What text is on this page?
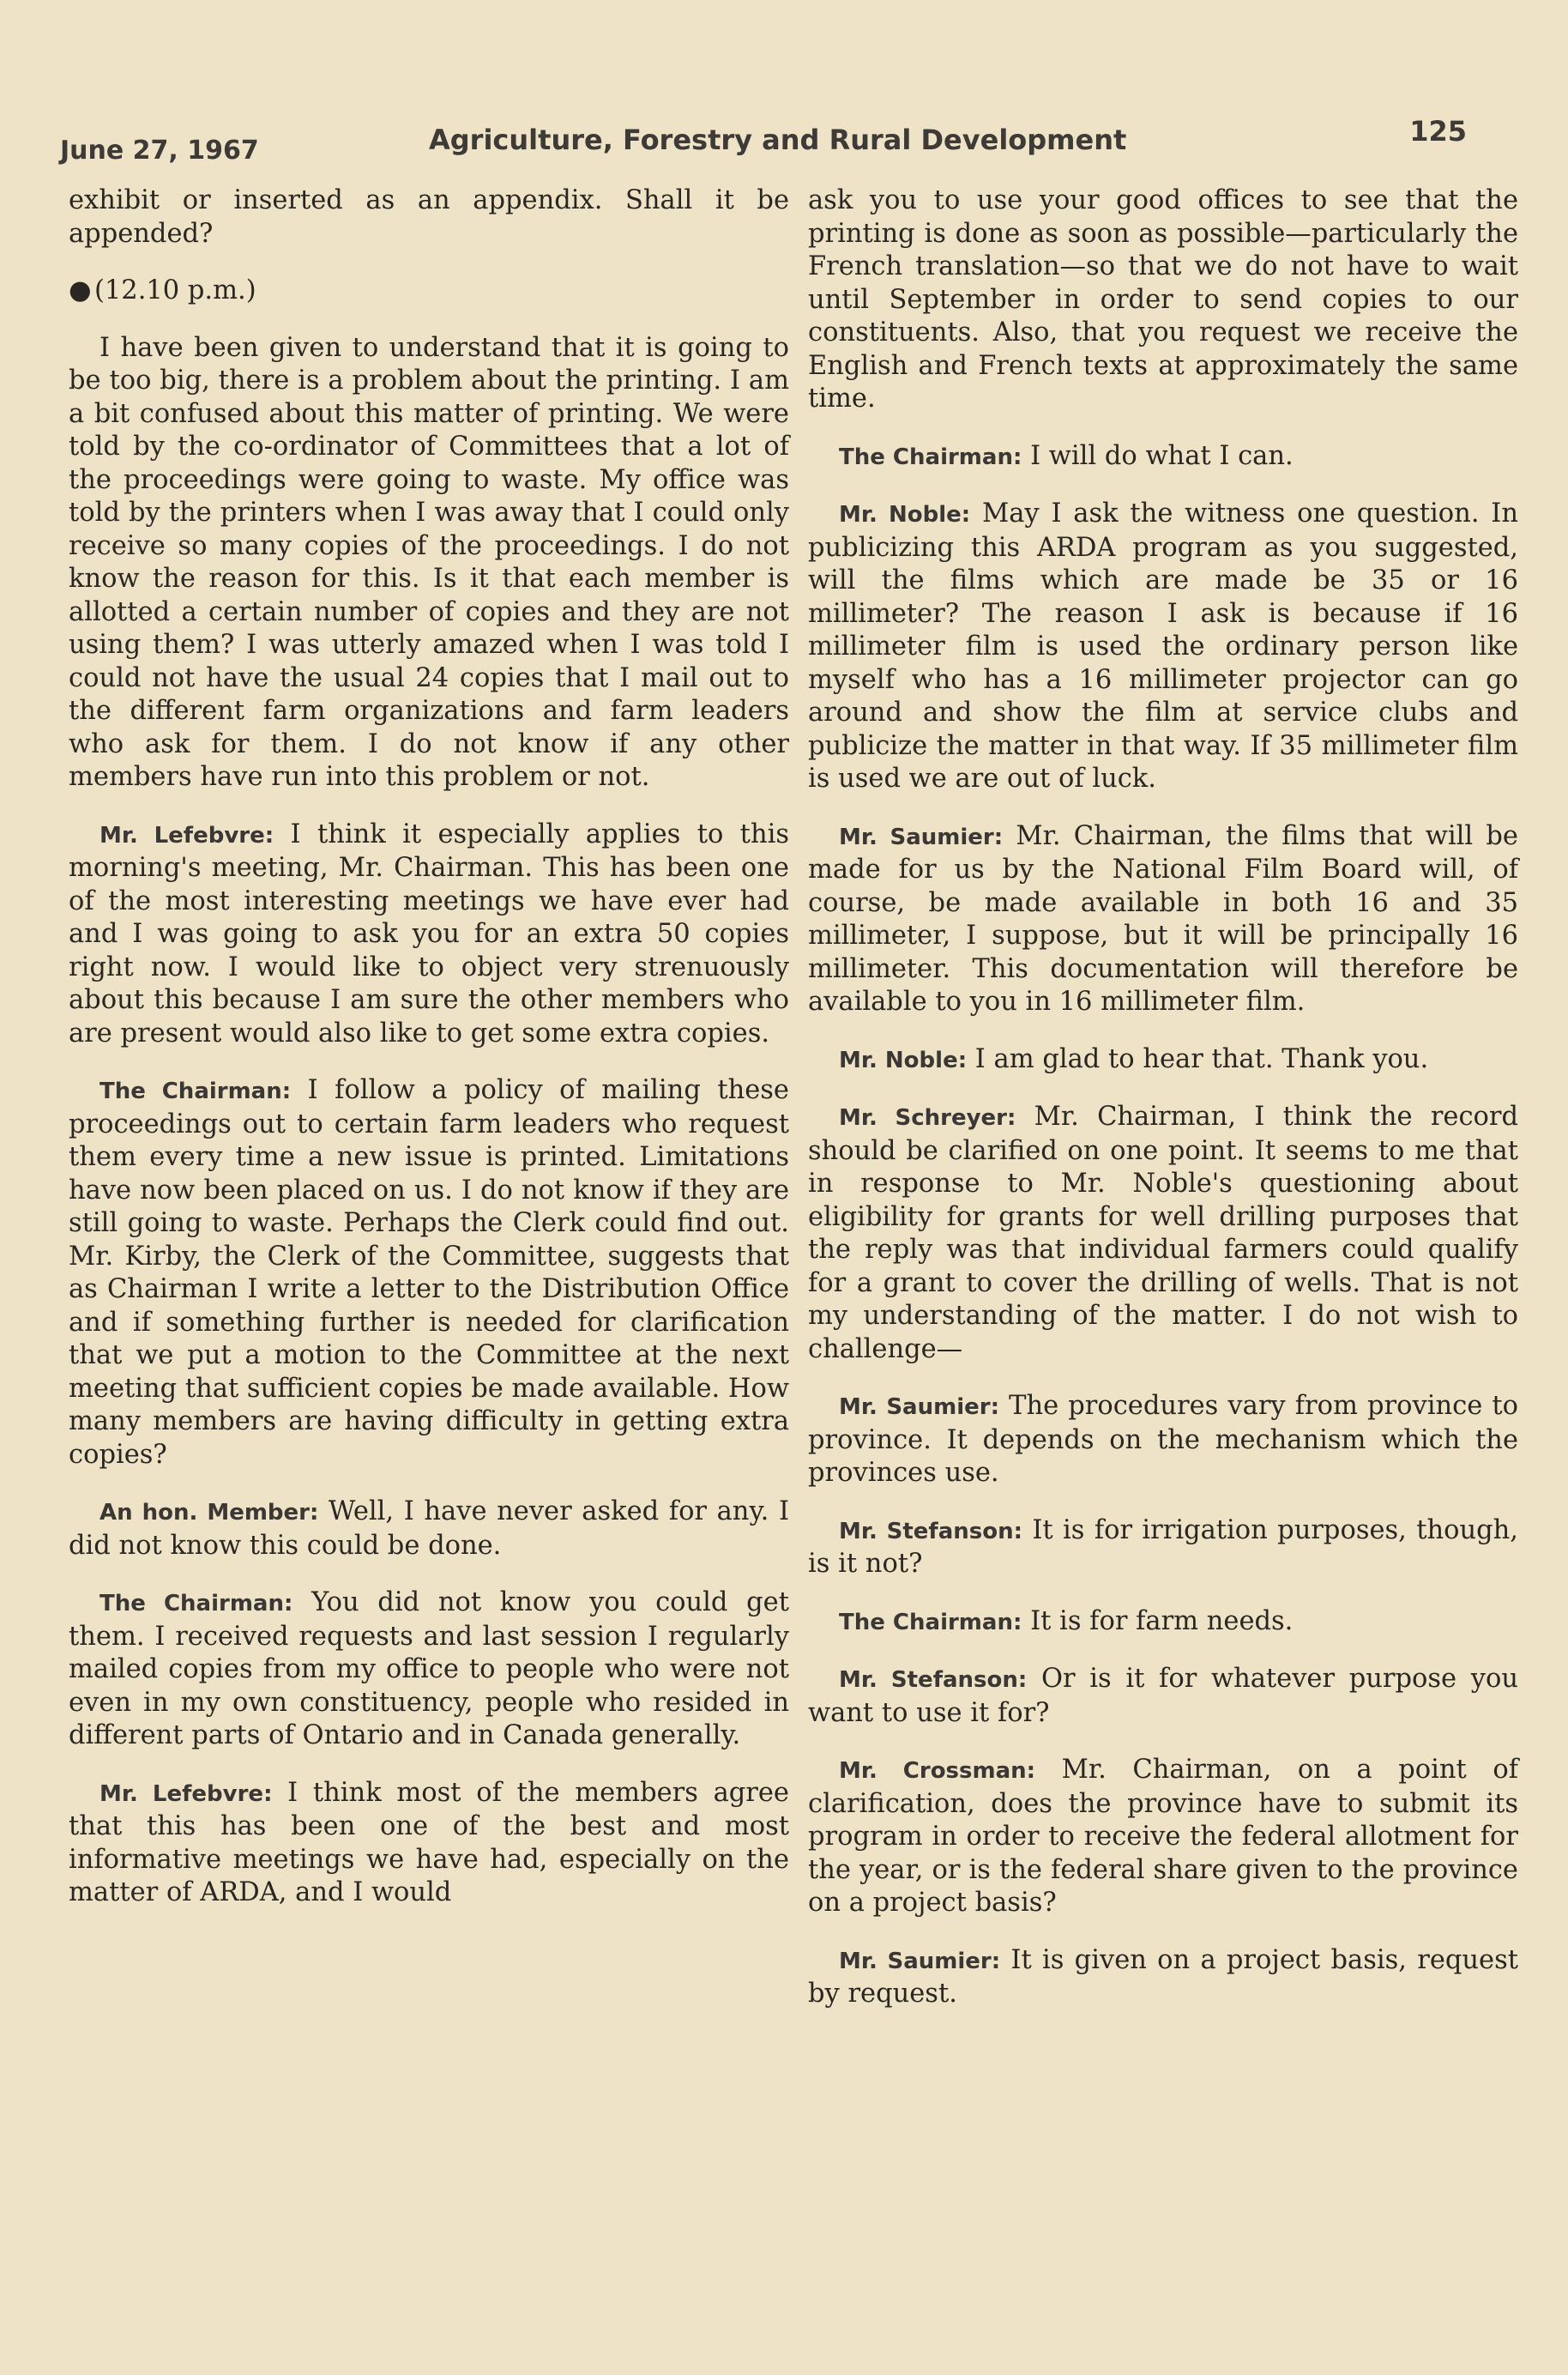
June 27, 1967	Agriculture, Forestry and Rural Development	125

exhibit or inserted as an appendix. Shall it be appended?

● (12.10 p.m.)

I have been given to understand that it is going to be too big, there is a problem about the printing. I am a bit confused about this matter of printing. We were told by the co-ordinator of Committees that a lot of the proceedings were going to waste. My office was told by the printers when I was away that I could only receive so many copies of the proceedings. I do not know the reason for this. Is it that each member is allotted a certain number of copies and they are not using them? I was utterly amazed when I was told I could not have the usual 24 copies that I mail out to the different farm organizations and farm leaders who ask for them. I do not know if any other members have run into this problem or not.

Mr. Lefebvre: I think it especially applies to this morning's meeting, Mr. Chairman. This has been one of the most interesting meetings we have ever had and I was going to ask you for an extra 50 copies right now. I would like to object very strenuously about this because I am sure the other members who are present would also like to get some extra copies.

The Chairman: I follow a policy of mailing these proceedings out to certain farm leaders who request them every time a new issue is printed. Limitations have now been placed on us. I do not know if they are still going to waste. Perhaps the Clerk could find out. Mr. Kirby, the Clerk of the Committee, suggests that as Chairman I write a letter to the Distribution Office and if something further is needed for clarification that we put a motion to the Committee at the next meeting that sufficient copies be made available. How many members are having difficulty in getting extra copies?

An hon. Member: Well, I have never asked for any. I did not know this could be done.

The Chairman: You did not know you could get them. I received requests and last session I regularly mailed copies from my office to people who were not even in my own constituency, people who resided in different parts of Ontario and in Canada generally.

Mr. Lefebvre: I think most of the members agree that this has been one of the best and most informative meetings we have had, especially on the matter of ARDA, and I would

ask you to use your good offices to see that the printing is done as soon as possible—particularly the French translation—so that we do not have to wait until September in order to send copies to our constituents. Also, that you request we receive the English and French texts at approximately the same time.

The Chairman: I will do what I can.

Mr. Noble: May I ask the witness one question. In publicizing this ARDA program as you suggested, will the films which are made be 35 or 16 millimeter? The reason I ask is because if 16 millimeter film is used the ordinary person like myself who has a 16 millimeter projector can go around and show the film at service clubs and publicize the matter in that way. If 35 millimeter film is used we are out of luck.

Mr. Saumier: Mr. Chairman, the films that will be made for us by the National Film Board will, of course, be made available in both 16 and 35 millimeter, I suppose, but it will be principally 16 millimeter. This documentation will therefore be available to you in 16 millimeter film.

Mr. Noble: I am glad to hear that. Thank you.

Mr. Schreyer: Mr. Chairman, I think the record should be clarified on one point. It seems to me that in response to Mr. Noble's questioning about eligibility for grants for well drilling purposes that the reply was that individual farmers could qualify for a grant to cover the drilling of wells. That is not my understanding of the matter. I do not wish to challenge—

Mr. Saumier: The procedures vary from province to province. It depends on the mechanism which the provinces use.

Mr. Stefanson: It is for irrigation purposes, though, is it not?

The Chairman: It is for farm needs.

Mr. Stefanson: Or is it for whatever purpose you want to use it for?

Mr. Crossman: Mr. Chairman, on a point of clarification, does the province have to submit its program in order to receive the federal allotment for the year, or is the federal share given to the province on a project basis?

Mr. Saumier: It is given on a project basis, request by request.
